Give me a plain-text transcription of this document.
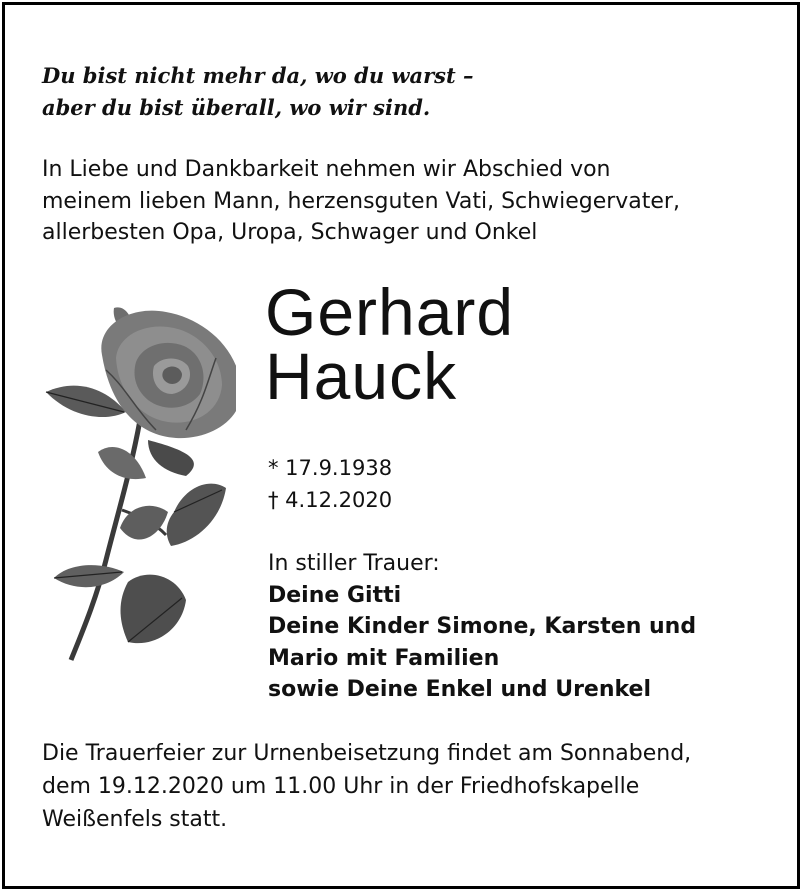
Du bist nicht mehr da, wo du warst –
aber du bist überall, wo wir sind.
In Liebe und Dankbarkeit nehmen wir Abschied von
meinem lieben Mann, herzensguten Vati, Schwiegervater,
allerbesten Opa, Uropa, Schwager und Onkel
Gerhard
Hauck
* 17.9.1938
† 4.12.2020
In stiller Trauer:
Deine Gitti
Deine Kinder Simone, Karsten und
Mario mit Familien
sowie Deine Enkel und Urenkel
Die Trauerfeier zur Urnenbeisetzung findet am Sonnabend,
dem 19.12.2020 um 11.00 Uhr in der Friedhofskapelle
Weißenfels statt.
